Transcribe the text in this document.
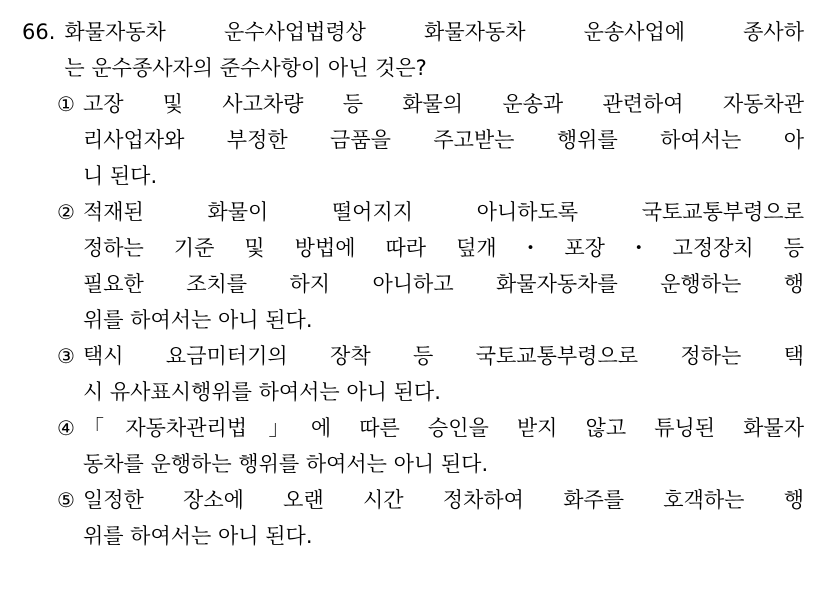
66. 화물자동차 운수사업법령상 화물자동차 운송사업에 종사하
는 운수종사자의 준수사항이 아닌 것은?
① 고장 및 사고차량 등 화물의 운송과 관련하여 자동차관
리사업자와 부정한 금품을 주고받는 행위를 하여서는 아
니 된다.
② 적재된 화물이 떨어지지 아니하도록 국토교통부령으로
정하는 기준 및 방법에 따라 덮개・포장・고정장치 등
필요한 조치를 하지 아니하고 화물자동차를 운행하는 행
위를 하여서는 아니 된다.
③ 택시 요금미터기의 장착 등 국토교통부령으로 정하는 택
시 유사표시행위를 하여서는 아니 된다.
④ 「자동차관리법」에 따른 승인을 받지 않고 튜닝된 화물자
동차를 운행하는 행위를 하여서는 아니 된다.
⑤ 일정한 장소에 오랜 시간 정차하여 화주를 호객하는 행
위를 하여서는 아니 된다.
